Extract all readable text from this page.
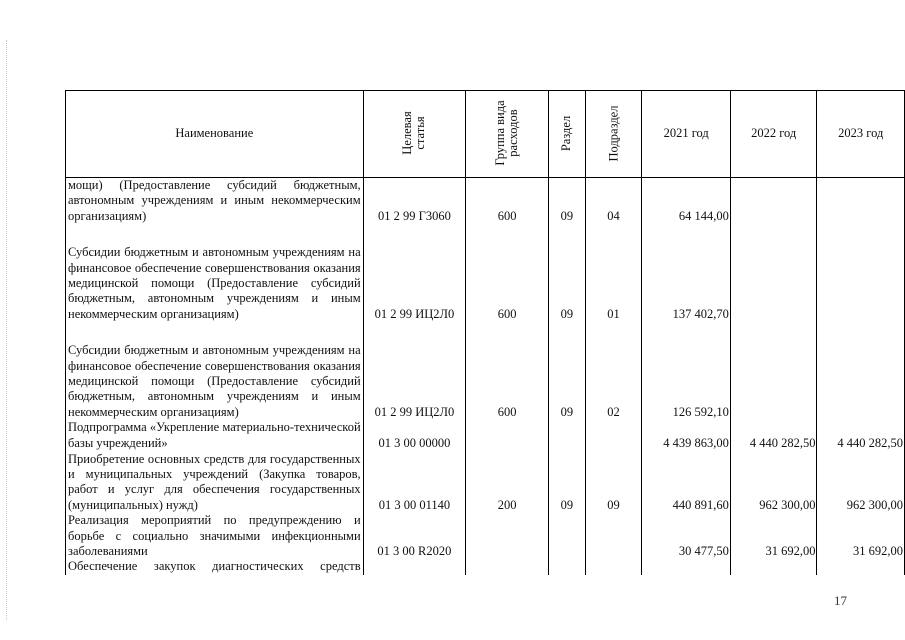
Наименование	Целевая статья	Группа вида расходов	Раздел	Подраздел	2021 год	2022 год	2023 год

мощи) (Предоставление субсидий бюджетным, автономным учреждениям и иным некоммерческим организациям)	01 2 99 Г3060	600	09	04	64 144,00		

Субсидии бюджетным и автономным учреждениям на финансовое обеспечение совершенствования оказания медицинской помощи (Предоставление субсидий бюджетным, автономным учреждениям и иным некоммерческим организациям)	01 2 99 ИЦ2Л0	600	09	01	137 402,70		

Субсидии бюджетным и автономным учреждениям на финансовое обеспечение совершенствования оказания медицинской помощи (Предоставление субсидий бюджетным, автономным учреждениям и иным некоммерческим организациям)	01 2 99 ИЦ2Л0	600	09	02	126 592,10		

Подпрограмма «Укрепление материально-технической базы учреждений»	01 3 00 00000				4 439 863,00	4 440 282,50	4 440 282,50

Приобретение основных средств для государственных и муниципальных учреждений (Закупка товаров, работ и услуг для обеспечения государственных (муниципальных) нужд)	01 3 00 01140	200	09	09	440 891,60	962 300,00	962 300,00

Реализация мероприятий по предупреждению и борьбе с социально значимыми инфекционными заболеваниями	01 3 00 R2020				30 477,50	31 692,00	31 692,00

Обеспечение закупок диагностических средств							

17
